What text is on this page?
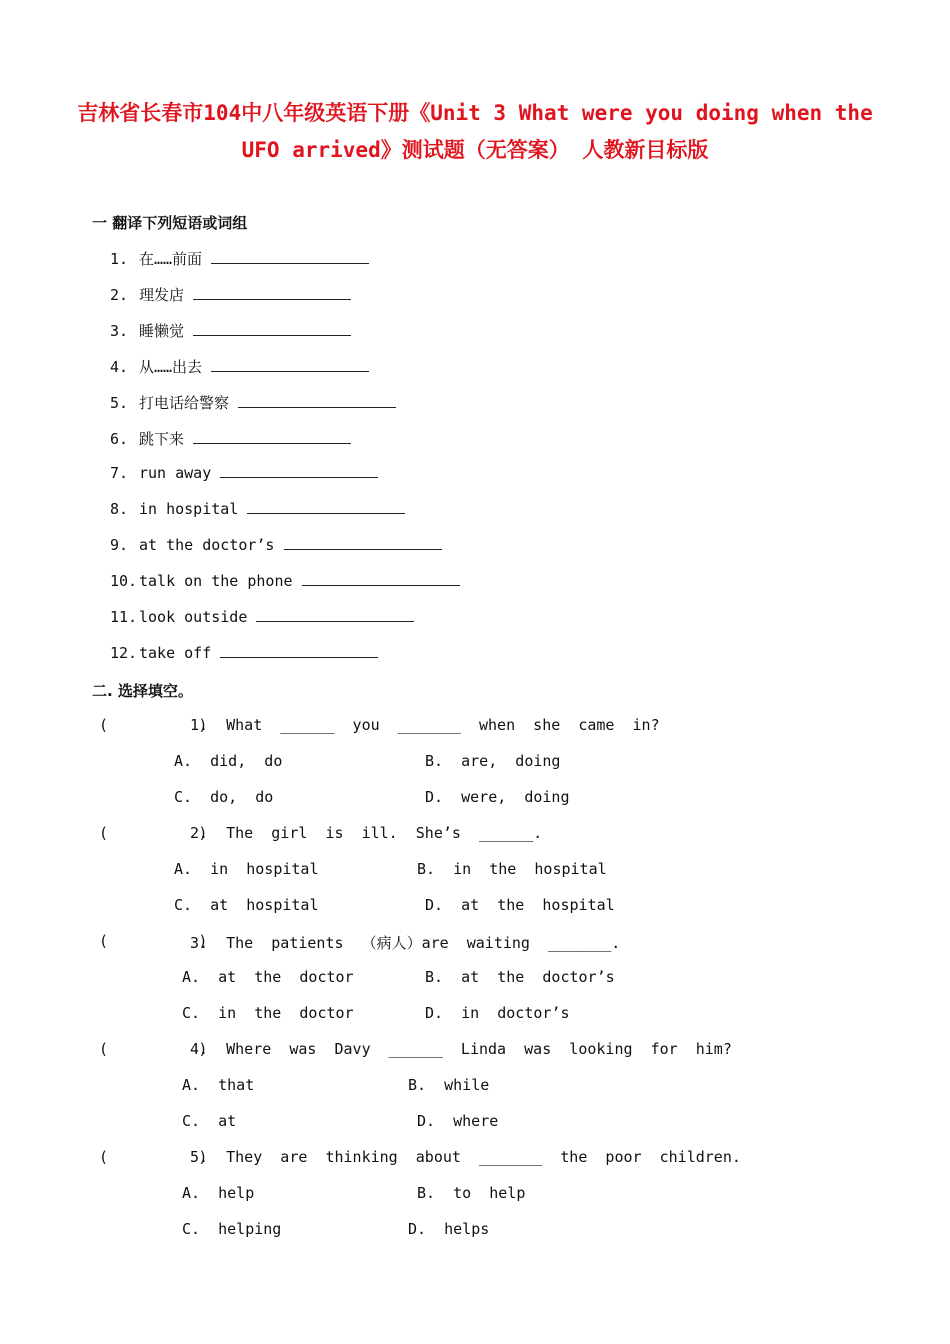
吉林省长春市104中八年级英语下册《Unit 3 What were you doing when the
UFO arrived》测试题（无答案） 人教新目标版
一 翻译下列短语或词组
1. 在……前面
2. 理发店
3. 睡懒觉
4. 从……出去
5. 打电话给警察
6. 跳下来
7. run away
8. in hospital
9. at the doctor’s
10. talk on the phone
11. look outside
12. take off
二. 选择填空。
(          )
1.  What  ______  you  _______  when  she  came  in?
A.  did,  do	B.  are,  doing
C.  do,  do	D.  were,  doing
(          )
2.  The  girl  is  ill.  She’s  ______.
A.  in  hospital	B.  in  the  hospital
C.  at  hospital	D.  at  the  hospital
(          )
3.  The  patients  （病人）are  waiting  _______.
A.  at  the  doctor	B.  at  the  doctor’s
C.  in  the  doctor	D.  in  doctor’s
(          )
4.  Where  was  Davy  ______  Linda  was  looking  for  him?
A.  that	B.  while
C.  at	D.  where
(          )
5.  They  are  thinking  about  _______  the  poor  children.
A.  help	B.  to  help
C.  helping	D.  helps
